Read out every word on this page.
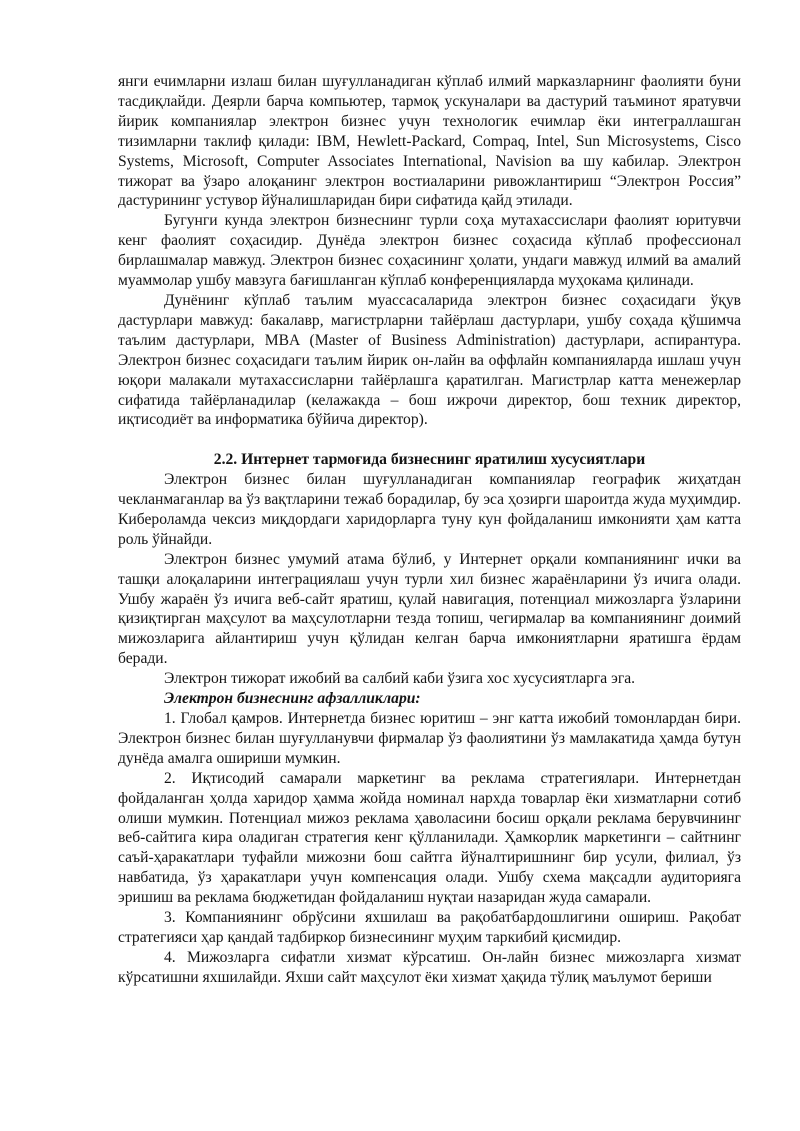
янги ечимларни излаш билан шуғулланадиган кўплаб илмий марказларнинг фаолияти буни тасдиқлайди. Деярли барча компьютер, тармоқ ускуналари ва дастурий таъминот яратувчи йирик компаниялар электрон бизнес учун технологик ечимлар ёки интеграллашган тизимларни таклиф қилади: IBM, Hewlett-Packard, Compaq, Intel, Sun Microsystems, Cisco Systems, Microsoft, Computer Associates International, Navision ва шу кабилар. Электрон тижорат ва ўзаро алоқанинг электрон востиаларини ривожлантириш “Электрон Россия” дастурининг устувор йўналишларидан бири сифатида қайд этилади.

Бугунги кунда электрон бизнеснинг турли соҳа мутахассислари фаолият юритувчи кенг фаолият соҳасидир. Дунёда электрон бизнес соҳасида кўплаб профессионал бирлашмалар мавжуд. Электрон бизнес соҳасининг ҳолати, ундаги мавжуд илмий ва амалий муаммолар ушбу мавзуга бағишланган кўплаб конференцияларда муҳокама қилинади.

Дунёнинг кўплаб таълим муассасаларида электрон бизнес соҳасидаги ўқув дастурлари мавжуд: бакалавр, магистрларни тайёрлаш дастурлари, ушбу соҳада қўшимча таълим дастурлари, MBA (Master of Business Administration) дастурлари, аспирантура. Электрон бизнес соҳасидаги таълим йирик он-лайн ва оффлайн компанияларда ишлаш учун юқори малакали мутахассисларни тайёрлашга қаратилган. Магистрлар катта менежерлар сифатида тайёрланадилар (келажакда – бош ижрочи директор, бош техник директор, иқтисодиёт ва информатика бўйича директор).

2.2. Интернет тармоғида бизнеснинг яратилиш хусусиятлари

Электрон бизнес билан шуғулланадиган компаниялар географик жиҳатдан чекланмаганлар ва ўз вақтларини тежаб борадилар, бу эса ҳозирги шароитда жуда муҳимдир. Кибероламда чексиз миқдордаги харидорларга туну кун фойдаланиш имконияти ҳам катта роль ўйнайди.

Электрон бизнес умумий атама бўлиб, у Интернет орқали компаниянинг ички ва ташқи алоқаларини интеграциялаш учун турли хил бизнес жараёнларини ўз ичига олади. Ушбу жараён ўз ичига веб-сайт яратиш, қулай навигация, потенциал мижозларга ўзларини қизиқтирган маҳсулот ва маҳсулотларни тезда топиш, чегирмалар ва компаниянинг доимий мижозларига айлантириш учун қўлидан келган барча имкониятларни яратишга ёрдам беради.

Электрон тижорат ижобий ва салбий каби ўзига хос хусусиятларга эга.

Электрон бизнеснинг афзалликлари:

1. Глобал қамров. Интернетда бизнес юритиш – энг катта ижобий томонлардан бири. Электрон бизнес билан шуғулланувчи фирмалар ўз фаолиятини ўз мамлакатида ҳамда бутун дунёда амалга ошириши мумкин.

2. Иқтисодий самарали маркетинг ва реклама стратегиялари. Интернетдан фойдаланган ҳолда харидор ҳамма жойда номинал нархда товарлар ёки хизматларни сотиб олиши мумкин. Потенциал мижоз реклама ҳаволасини босиш орқали реклама берувчининг веб-сайтига кира оладиган стратегия кенг қўлланилади. Ҳамкорлик маркетинги – сайтнинг саъй-ҳаракатлари туфайли мижозни бош сайтга йўналтиришнинг бир усули, филиал, ўз навбатида, ўз ҳаракатлари учун компенсация олади. Ушбу схема мақсадли аудиторияга эришиш ва реклама бюджетидан фойдаланиш нуқтаи назаридан жуда самарали.

3. Компаниянинг обрўсини яхшилаш ва рақобатбардошлигини ошириш. Рақобат стратегияси ҳар қандай тадбиркор бизнесининг муҳим таркибий қисмидир.

4. Мижозларга сифатли хизмат кўрсатиш. Он-лайн бизнес мижозларга хизмат кўрсатишни яхшилайди. Яхши сайт маҳсулот ёки хизмат ҳақида тўлиқ маълумот бериши
